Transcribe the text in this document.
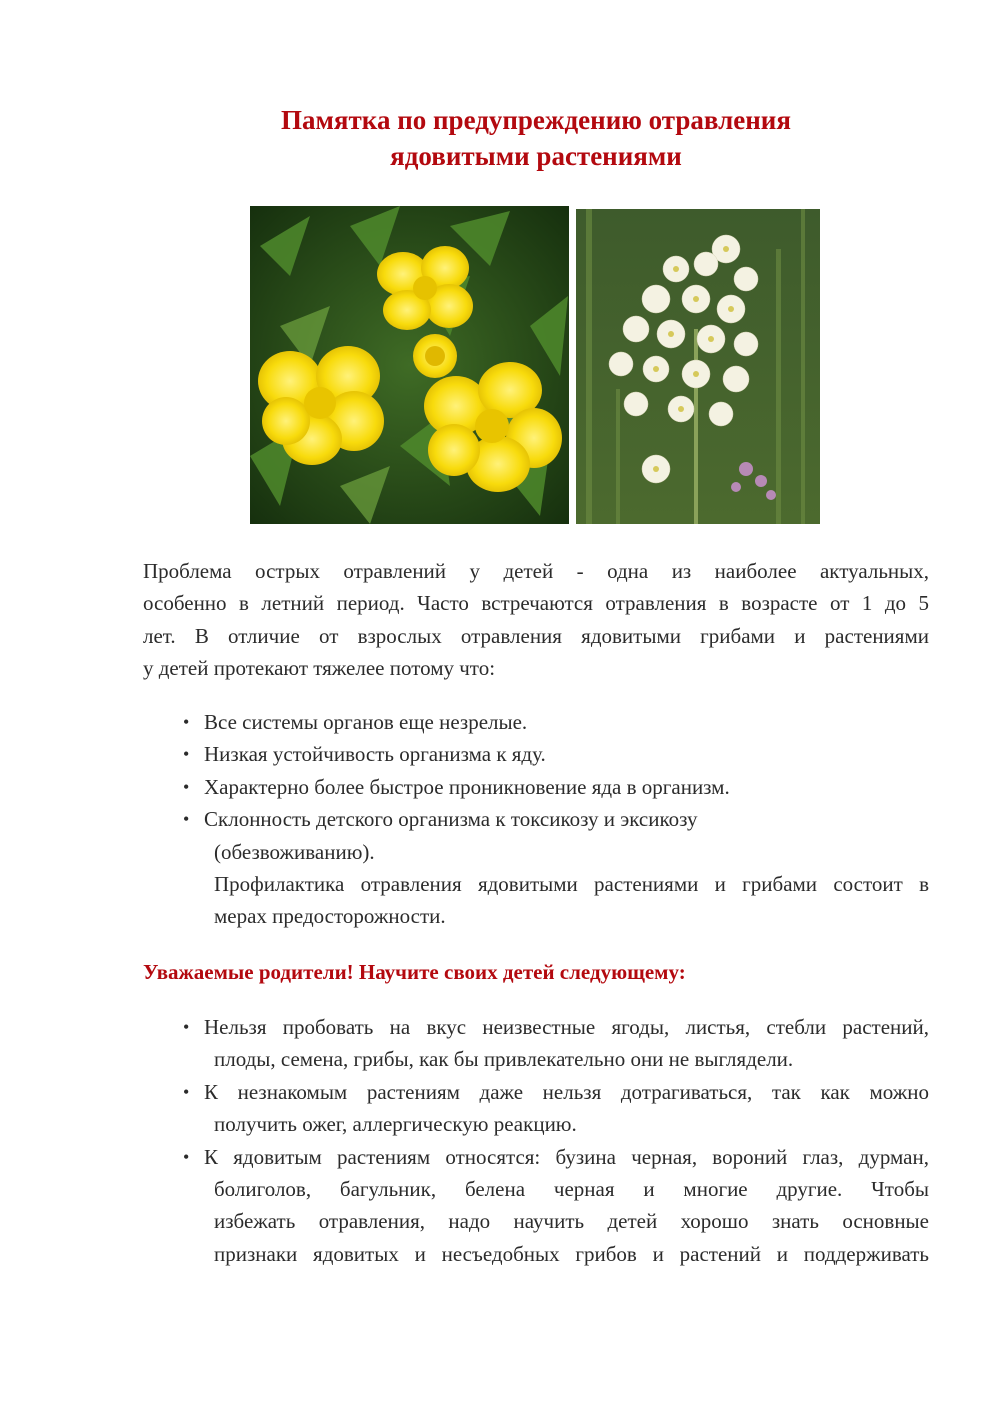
Памятка по предупреждению отравления
ядовитыми растениями
Проблема острых отравлений у детей - одна из наиболее актуальных,
особенно в летний период. Часто встречаются отравления в возрасте от 1 до 5
лет. В отличие от взрослых отравления ядовитыми грибами и растениями
у детей протекают тяжелее потому что:
• Все системы органов еще незрелые.
• Низкая устойчивость организма к яду.
• Характерно более быстрое проникновение яда в организм.
• Склонность детского организма к токсикозу и эксикозу
(обезвоживанию).
Профилактика отравления ядовитыми растениями и грибами состоит в
мерах предосторожности.
Уважаемые родители! Научите своих детей следующему:
• Нельзя пробовать на вкус неизвестные ягоды, листья, стебли растений,
плоды, семена, грибы, как бы привлекательно они не выглядели.
• К незнакомым растениям даже нельзя дотрагиваться, так как можно
получить ожег, аллергическую реакцию.
• К ядовитым растениям относятся: бузина черная, вороний глаз, дурман,
болиголов, багульник, белена черная и многие другие. Чтобы
избежать отравления, надо научить детей хорошо знать основные
признаки ядовитых и несъедобных грибов и растений и поддерживать
